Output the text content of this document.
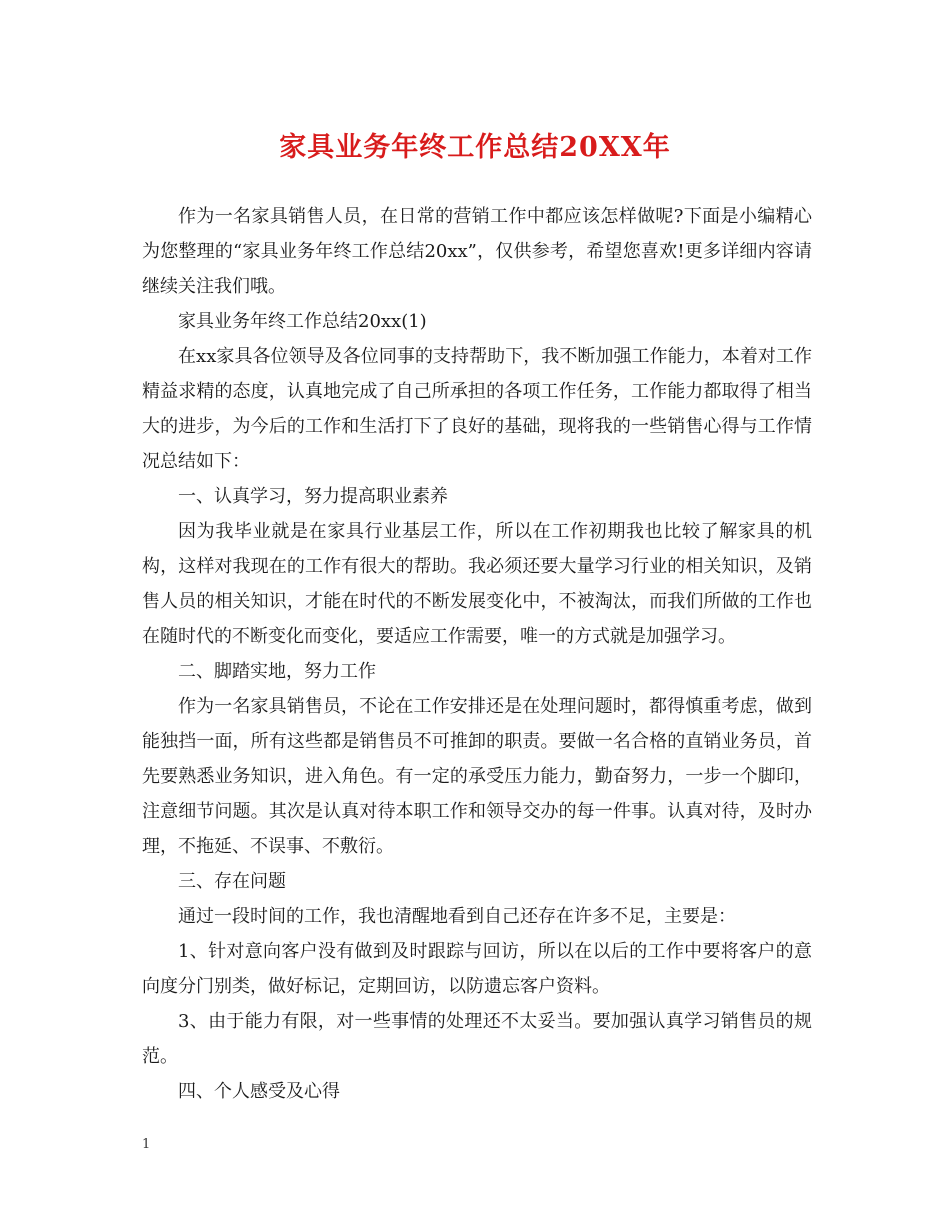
家具业务年终工作总结20XX年

作为一名家具销售人员，在日常的营销工作中都应该怎样做呢?下面是小编精心为您整理的“家具业务年终工作总结20xx”，仅供参考，希望您喜欢!更多详细内容请继续关注我们哦。

家具业务年终工作总结20xx(1)

在xx家具各位领导及各位同事的支持帮助下，我不断加强工作能力，本着对工作精益求精的态度，认真地完成了自己所承担的各项工作任务，工作能力都取得了相当大的进步，为今后的工作和生活打下了良好的基础，现将我的一些销售心得与工作情况总结如下：

一、认真学习，努力提高职业素养

因为我毕业就是在家具行业基层工作，所以在工作初期我也比较了解家具的机构，这样对我现在的工作有很大的帮助。我必须还要大量学习行业的相关知识，及销售人员的相关知识，才能在时代的不断发展变化中，不被淘汰，而我们所做的工作也在随时代的不断变化而变化，要适应工作需要，唯一的方式就是加强学习。

二、脚踏实地，努力工作

作为一名家具销售员，不论在工作安排还是在处理问题时，都得慎重考虑，做到能独挡一面，所有这些都是销售员不可推卸的职责。要做一名合格的直销业务员，首先要熟悉业务知识，进入角色。有一定的承受压力能力，勤奋努力，一步一个脚印，注意细节问题。其次是认真对待本职工作和领导交办的每一件事。认真对待，及时办理，不拖延、不误事、不敷衍。

三、存在问题

通过一段时间的工作，我也清醒地看到自己还存在许多不足，主要是：

1、针对意向客户没有做到及时跟踪与回访，所以在以后的工作中要将客户的意向度分门别类，做好标记，定期回访，以防遗忘客户资料。

3、由于能力有限，对一些事情的处理还不太妥当。要加强认真学习销售员的规范。

四、个人感受及心得

1
